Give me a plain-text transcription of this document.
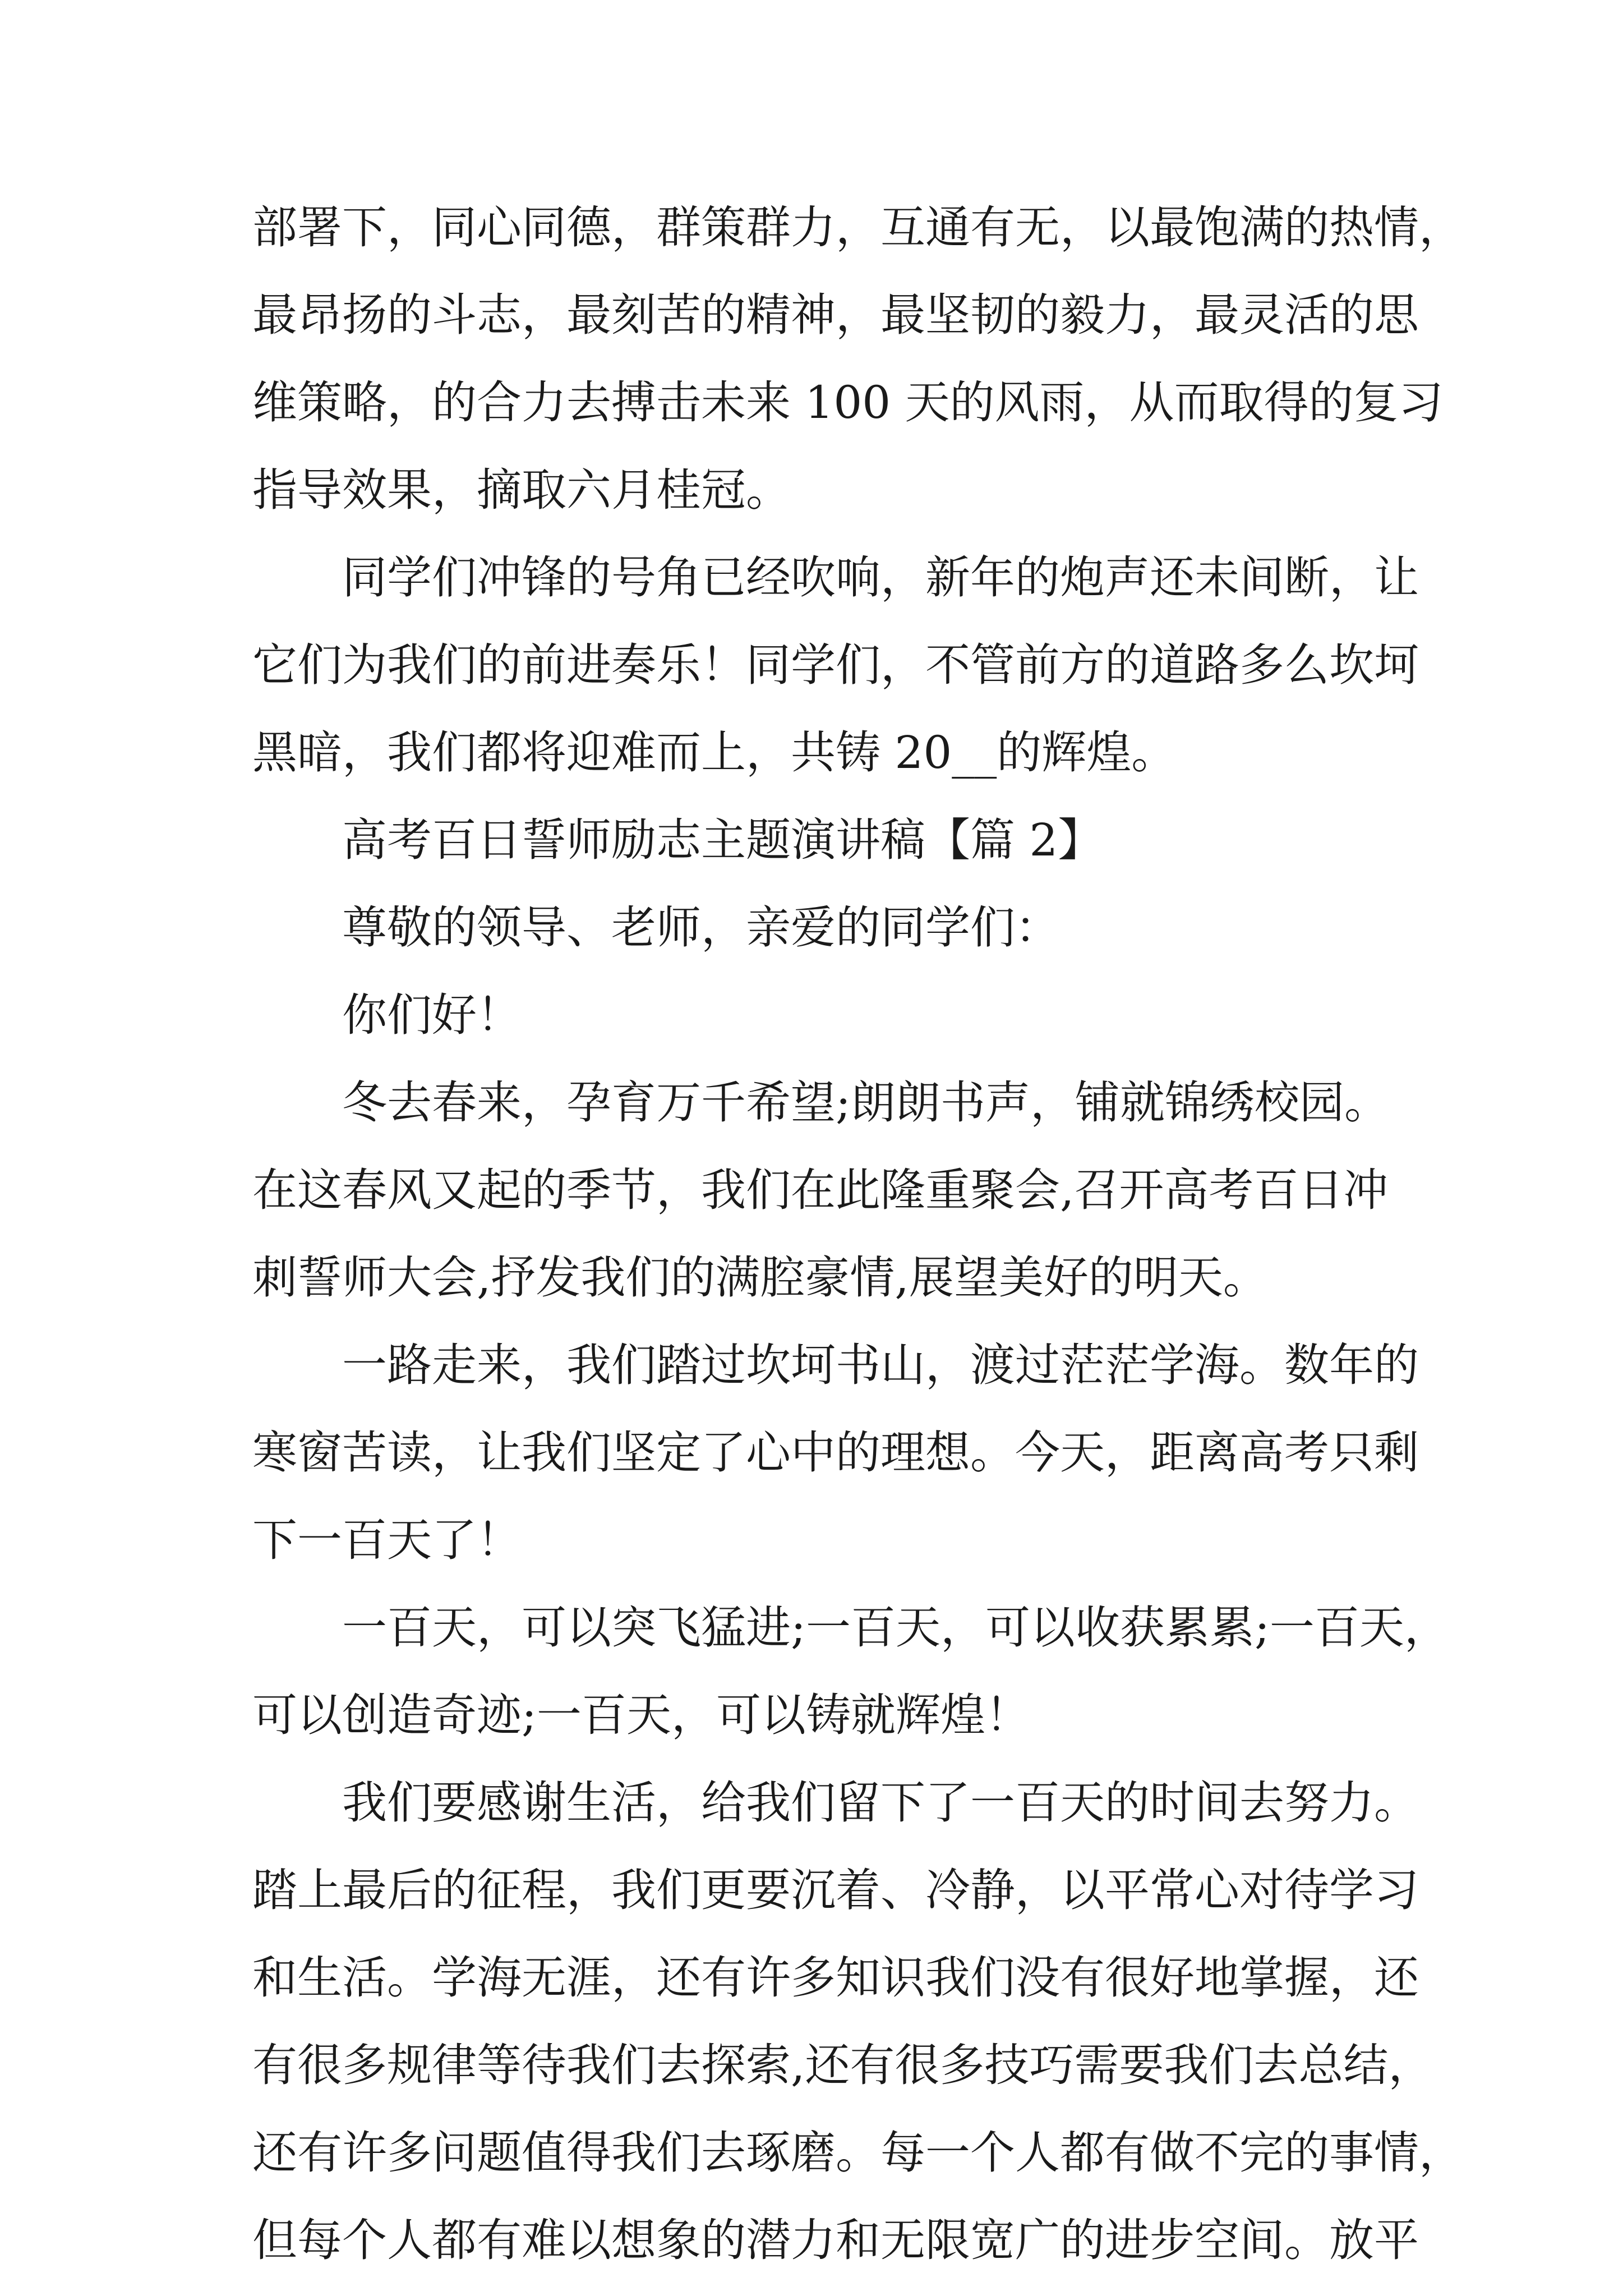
部署下，同心同德，群策群力，互通有无，以最饱满的热情，
最昂扬的斗志，最刻苦的精神，最坚韧的毅力，最灵活的思
维策略，的合力去搏击未来 100 天的风雨，从而取得的复习
指导效果，摘取六月桂冠。
　　同学们冲锋的号角已经吹响，新年的炮声还未间断，让
它们为我们的前进奏乐！同学们，不管前方的道路多么坎坷
黑暗，我们都将迎难而上，共铸 20__的辉煌。
　　高考百日誓师励志主题演讲稿【篇 2】
　　尊敬的领导、老师，亲爱的同学们：
　　你们好！
　　冬去春来，孕育万千希望;朗朗书声，铺就锦绣校园。
在这春风又起的季节，我们在此隆重聚会,召开高考百日冲
刺誓师大会,抒发我们的满腔豪情,展望美好的明天。
　　一路走来，我们踏过坎坷书山，渡过茫茫学海。数年的
寒窗苦读，让我们坚定了心中的理想。今天，距离高考只剩
下一百天了！
　　一百天，可以突飞猛进;一百天，可以收获累累;一百天，
可以创造奇迹;一百天，可以铸就辉煌！
　　我们要感谢生活，给我们留下了一百天的时间去努力。
踏上最后的征程，我们更要沉着、冷静，以平常心对待学习
和生活。学海无涯，还有许多知识我们没有很好地掌握，还
有很多规律等待我们去探索,还有很多技巧需要我们去总结，
还有许多问题值得我们去琢磨。每一个人都有做不完的事情，
但每个人都有难以想象的潜力和无限宽广的进步空间。放平
